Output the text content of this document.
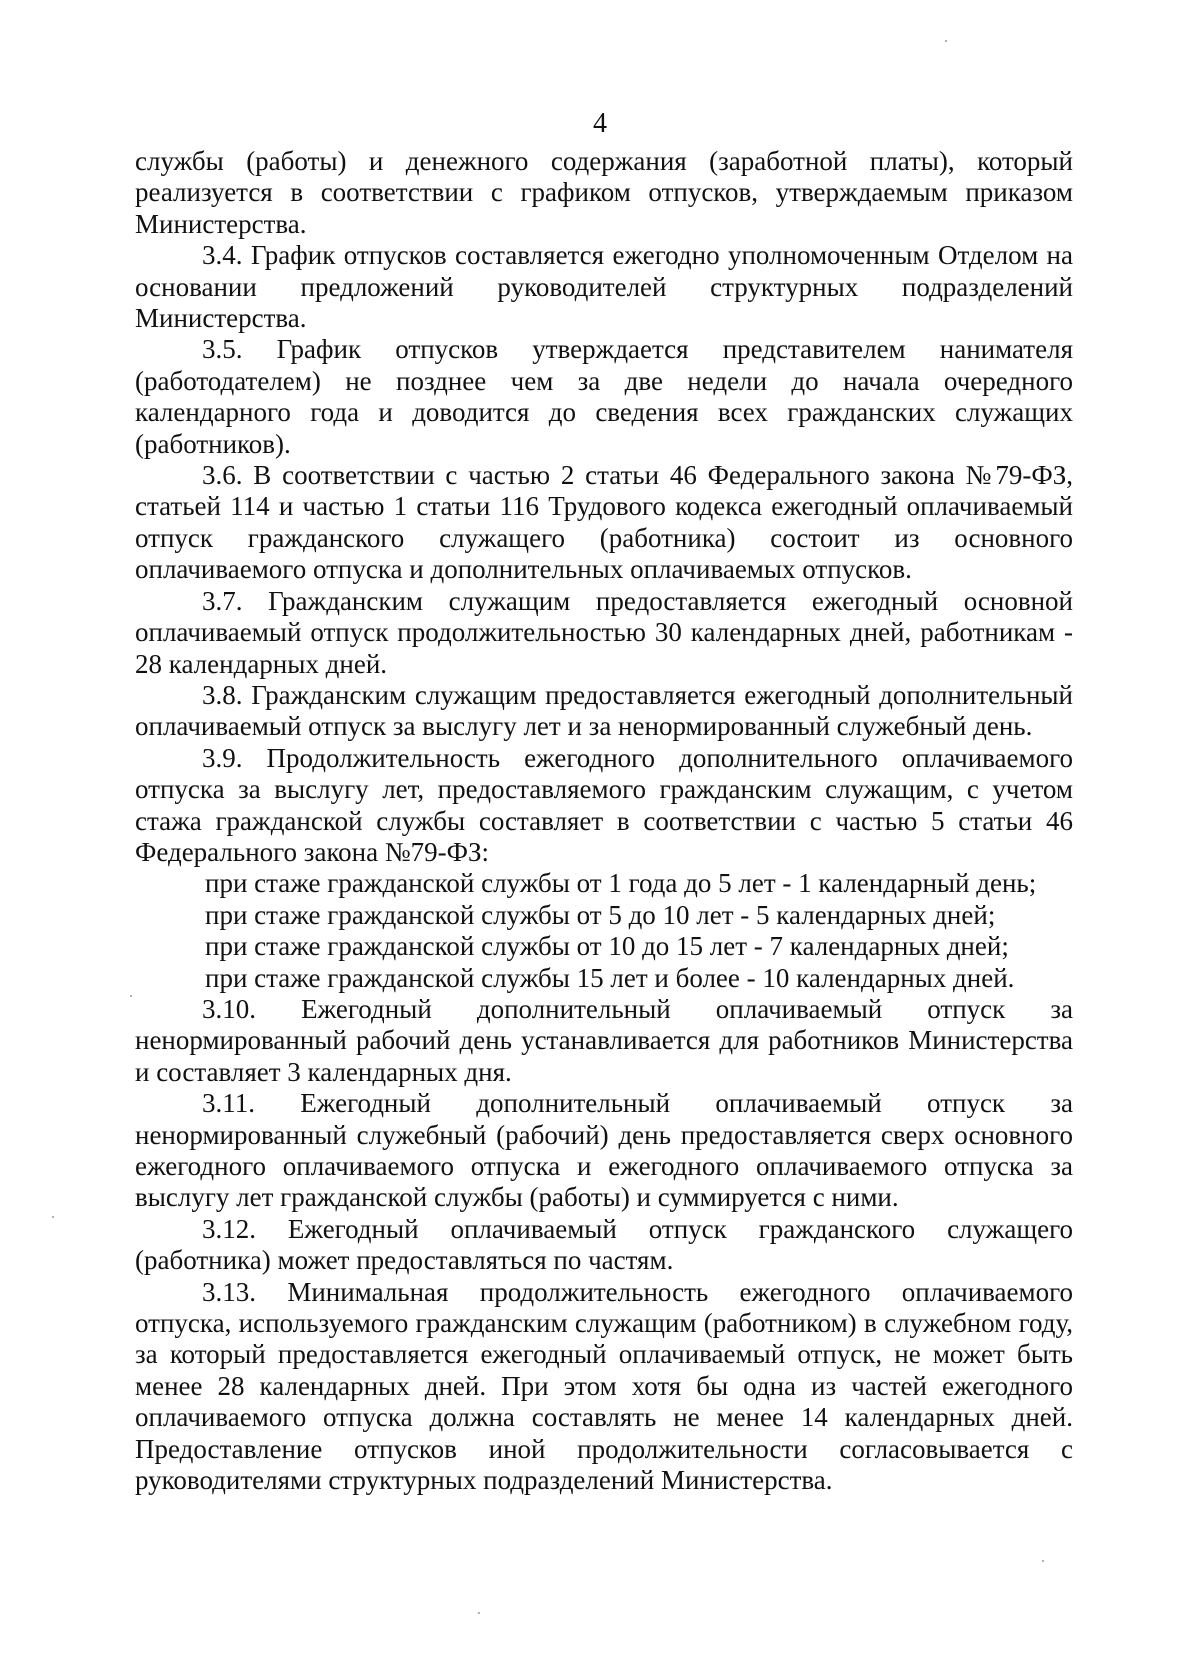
4

службы (работы) и денежного содержания (заработной платы), который реализуется в соответствии с графиком отпусков, утверждаемым приказом Министерства.

3.4. График отпусков составляется ежегодно уполномоченным Отделом на основании предложений руководителей структурных подразделений Министерства.

3.5. График отпусков утверждается представителем нанимателя (работодателем) не позднее чем за две недели до начала очередного календарного года и доводится до сведения всех гражданских служащих (работников).

3.6. В соответствии с частью 2 статьи 46 Федерального закона №79-ФЗ, статьей 114 и частью 1 статьи 116 Трудового кодекса ежегодный оплачиваемый отпуск гражданского служащего (работника) состоит из основного оплачиваемого отпуска и дополнительных оплачиваемых отпусков.

3.7. Гражданским служащим предоставляется ежегодный основной оплачиваемый отпуск продолжительностью 30 календарных дней, работникам - 28 календарных дней.

3.8. Гражданским служащим предоставляется ежегодный дополнительный оплачиваемый отпуск за выслугу лет и за ненормированный служебный день.

3.9. Продолжительность ежегодного дополнительного оплачиваемого отпуска за выслугу лет, предоставляемого гражданским служащим, с учетом стажа гражданской службы составляет в соответствии с частью 5 статьи 46 Федерального закона №79-ФЗ:

при стаже гражданской службы от 1 года до 5 лет - 1 календарный день;

при стаже гражданской службы от 5 до 10 лет - 5 календарных дней;

при стаже гражданской службы от 10 до 15 лет - 7 календарных дней;

при стаже гражданской службы 15 лет и более - 10 календарных дней.

3.10. Ежегодный дополнительный оплачиваемый отпуск за ненормированный рабочий день устанавливается для работников Министерства и составляет 3 календарных дня.

3.11. Ежегодный дополнительный оплачиваемый отпуск за ненормированный служебный (рабочий) день предоставляется сверх основного ежегодного оплачиваемого отпуска и ежегодного оплачиваемого отпуска за выслугу лет гражданской службы (работы) и суммируется с ними.

3.12. Ежегодный оплачиваемый отпуск гражданского служащего (работника) может предоставляться по частям.

3.13. Минимальная продолжительность ежегодного оплачиваемого отпуска, используемого гражданским служащим (работником) в служебном году, за который предоставляется ежегодный оплачиваемый отпуск, не может быть менее 28 календарных дней. При этом хотя бы одна из частей ежегодного оплачиваемого отпуска должна составлять не менее 14 календарных дней. Предоставление отпусков иной продолжительности согласовывается с руководителями структурных подразделений Министерства.
